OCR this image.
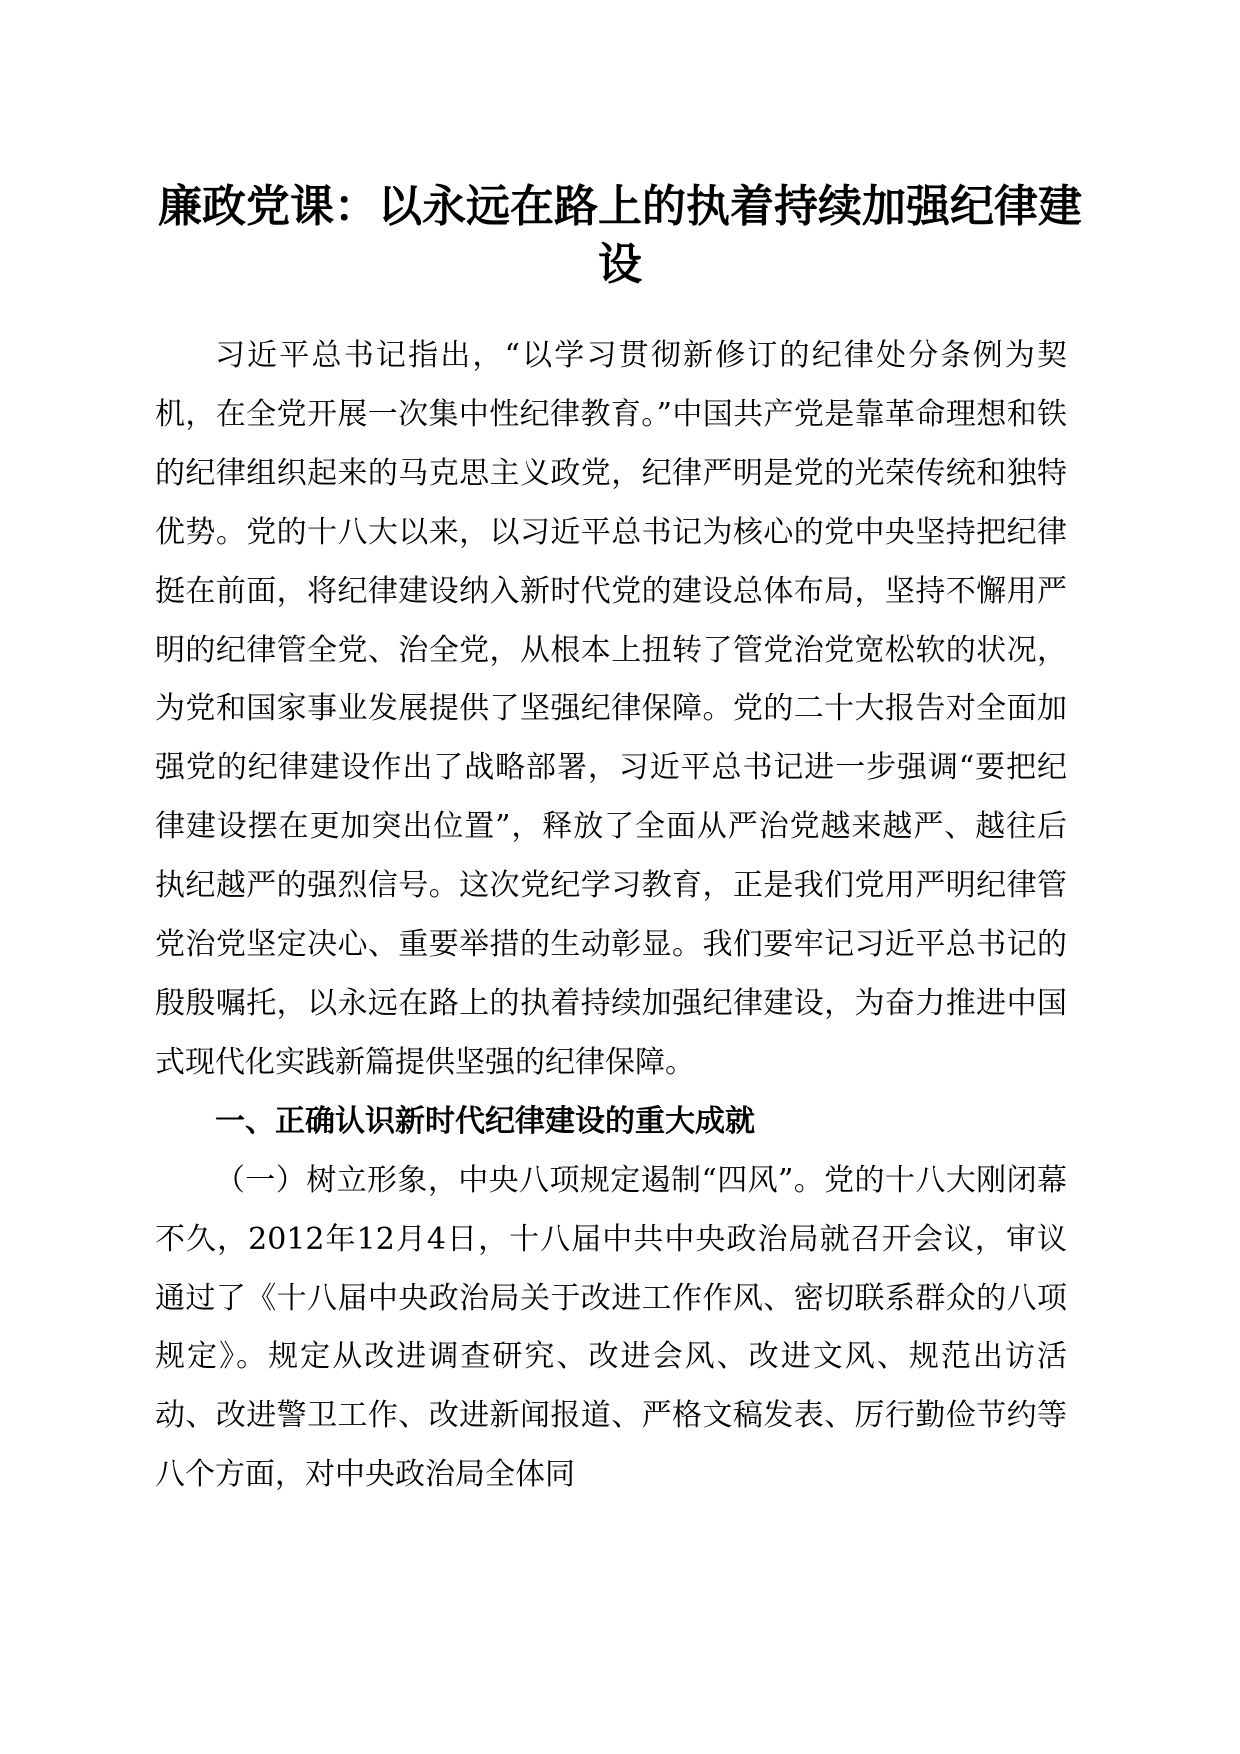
廉政党课：以永远在路上的执着持续加强纪律建设

习近平总书记指出，“以学习贯彻新修订的纪律处分条例为契机，在全党开展一次集中性纪律教育。”中国共产党是靠革命理想和铁的纪律组织起来的马克思主义政党，纪律严明是党的光荣传统和独特优势。党的十八大以来，以习近平总书记为核心的党中央坚持把纪律挺在前面，将纪律建设纳入新时代党的建设总体布局，坚持不懈用严明的纪律管全党、治全党，从根本上扭转了管党治党宽松软的状况，为党和国家事业发展提供了坚强纪律保障。党的二十大报告对全面加强党的纪律建设作出了战略部署，习近平总书记进一步强调“要把纪律建设摆在更加突出位置”，释放了全面从严治党越来越严、越往后执纪越严的强烈信号。这次党纪学习教育，正是我们党用严明纪律管党治党坚定决心、重要举措的生动彰显。我们要牢记习近平总书记的殷殷嘱托，以永远在路上的执着持续加强纪律建设，为奋力推进中国式现代化实践新篇提供坚强的纪律保障。

一、正确认识新时代纪律建设的重大成就

（一）树立形象，中央八项规定遏制“四风”。党的十八大刚闭幕不久，2012年12月4日，十八届中共中央政治局就召开会议，审议通过了《十八届中央政治局关于改进工作作风、密切联系群众的八项规定》。规定从改进调查研究、改进会风、改进文风、规范出访活动、改进警卫工作、改进新闻报道、严格文稿发表、厉行勤俭节约等八个方面，对中央政治局全体同
